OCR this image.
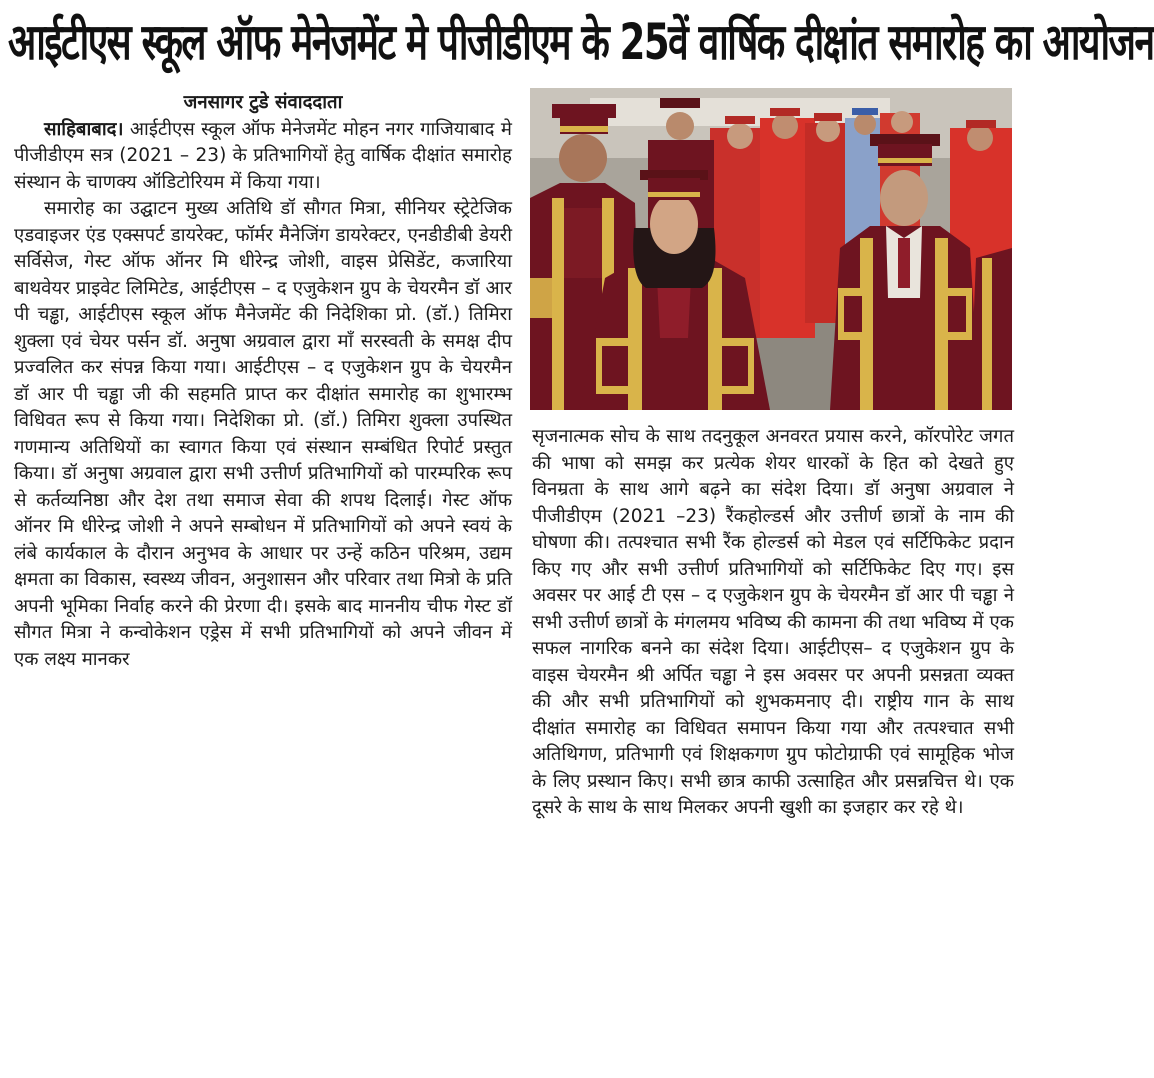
आईटीएस स्कूल ऑफ मेनेजमेंट मे पीजीडीएम के 25वें वार्षिक दीक्षांत समारोह का आयोजन

जनसागर टुडे संवाददाता

साहिबाबाद। आईटीएस स्कूल ऑफ मेनेजमेंट मोहन नगर गाजियाबाद मे पीजीडीएम सत्र (2021 – 23) के प्रतिभागियों हेतु वार्षिक दीक्षांत समारोह संस्थान के चाणक्य ऑडिटोरियम में किया गया।

समारोह का उद्घाटन मुख्य अतिथि डॉ सौगत मित्रा, सीनियर स्ट्रेटेजिक एडवाइजर एंड एक्सपर्ट डायरेक्ट, फॉर्मर मैनेजिंग डायरेक्टर, एनडीडीबी डेयरी सर्विसेज, गेस्ट ऑफ ऑनर मि धीरेन्द्र जोशी, वाइस प्रेसिडेंट, कजारिया बाथवेयर प्राइवेट लिमिटेड, आईटीएस – द एजुकेशन ग्रुप के चेयरमैन डॉ आर पी चड्ढा, आईटीएस स्कूल ऑफ मैनेजमेंट की निदेशिका प्रो. (डॉ.) तिमिरा शुक्ला एवं चेयर पर्सन डॉ. अनुषा अग्रवाल द्वारा माँ सरस्वती के समक्ष दीप प्रज्वलित कर संपन्न किया गया। आईटीएस – द एजुकेशन ग्रुप के चेयरमैन डॉ आर पी चड्ढा जी की सहमति प्राप्त कर दीक्षांत समारोह का शुभारम्भ विधिवत रूप से किया गया। निदेशिका प्रो. (डॉ.) तिमिरा शुक्ला उपस्थित गणमान्य अतिथियों का स्वागत किया एवं संस्थान सम्बंधित रिपोर्ट प्रस्तुत किया। डॉ अनुषा अग्रवाल द्वारा सभी उत्तीर्ण प्रतिभागियों को पारम्परिक रूप से कर्तव्यनिष्ठा और देश तथा समाज सेवा की शपथ दिलाई। गेस्ट ऑफ ऑनर मि धीरेन्द्र जोशी ने अपने सम्बोधन में प्रतिभागियों को अपने स्वयं के लंबे कार्यकाल के दौरान अनुभव के आधार पर उन्हें कठिन परिश्रम, उद्यम क्षमता का विकास, स्वस्थ्य जीवन, अनुशासन और परिवार तथा मित्रो के प्रति अपनी भूमिका निर्वाह करने की प्रेरणा दी। इसके बाद माननीय चीफ गेस्ट डॉ सौगत मित्रा ने कन्वोकेशन एड्रेस में सभी प्रतिभागियों को अपने जीवन में एक लक्ष्य मानकर

सृजनात्मक सोच के साथ तदनुकूल अनवरत प्रयास करने, कॉरपोरेट जगत की भाषा को समझ कर प्रत्येक शेयर धारकों के हित को देखते हुए विनम्रता के साथ आगे बढ़ने का संदेश दिया। डॉ अनुषा अग्रवाल ने पीजीडीएम (2021 –23) रैंकहोल्डर्स और उत्तीर्ण छात्रों के नाम की घोषणा की। तत्पश्चात सभी रैंक होल्डर्स को मेडल एवं सर्टिफिकेट प्रदान किए गए और सभी उत्तीर्ण प्रतिभागियों को सर्टिफिकेट दिए गए। इस अवसर पर आई टी एस – द एजुकेशन ग्रुप के चेयरमैन डॉ आर पी चड्ढा ने सभी उत्तीर्ण छात्रों के मंगलमय भविष्य की कामना की तथा भविष्य में एक सफल नागरिक बनने का संदेश दिया। आईटीएस– द एजुकेशन ग्रुप के वाइस चेयरमैन श्री अर्पित चड्ढा ने इस अवसर पर अपनी प्रसन्नता व्यक्त की और सभी प्रतिभागियों को शुभकमनाए दी। राष्ट्रीय गान के साथ दीक्षांत समारोह का विधिवत समापन किया गया और तत्पश्चात सभी अतिथिगण, प्रतिभागी एवं शिक्षकगण ग्रुप फोटोग्राफी एवं सामूहिक भोज के लिए प्रस्थान किए। सभी छात्र काफी उत्साहित और प्रसन्नचित्त थे। एक दूसरे के साथ के साथ मिलकर अपनी खुशी का इजहार कर रहे थे।
